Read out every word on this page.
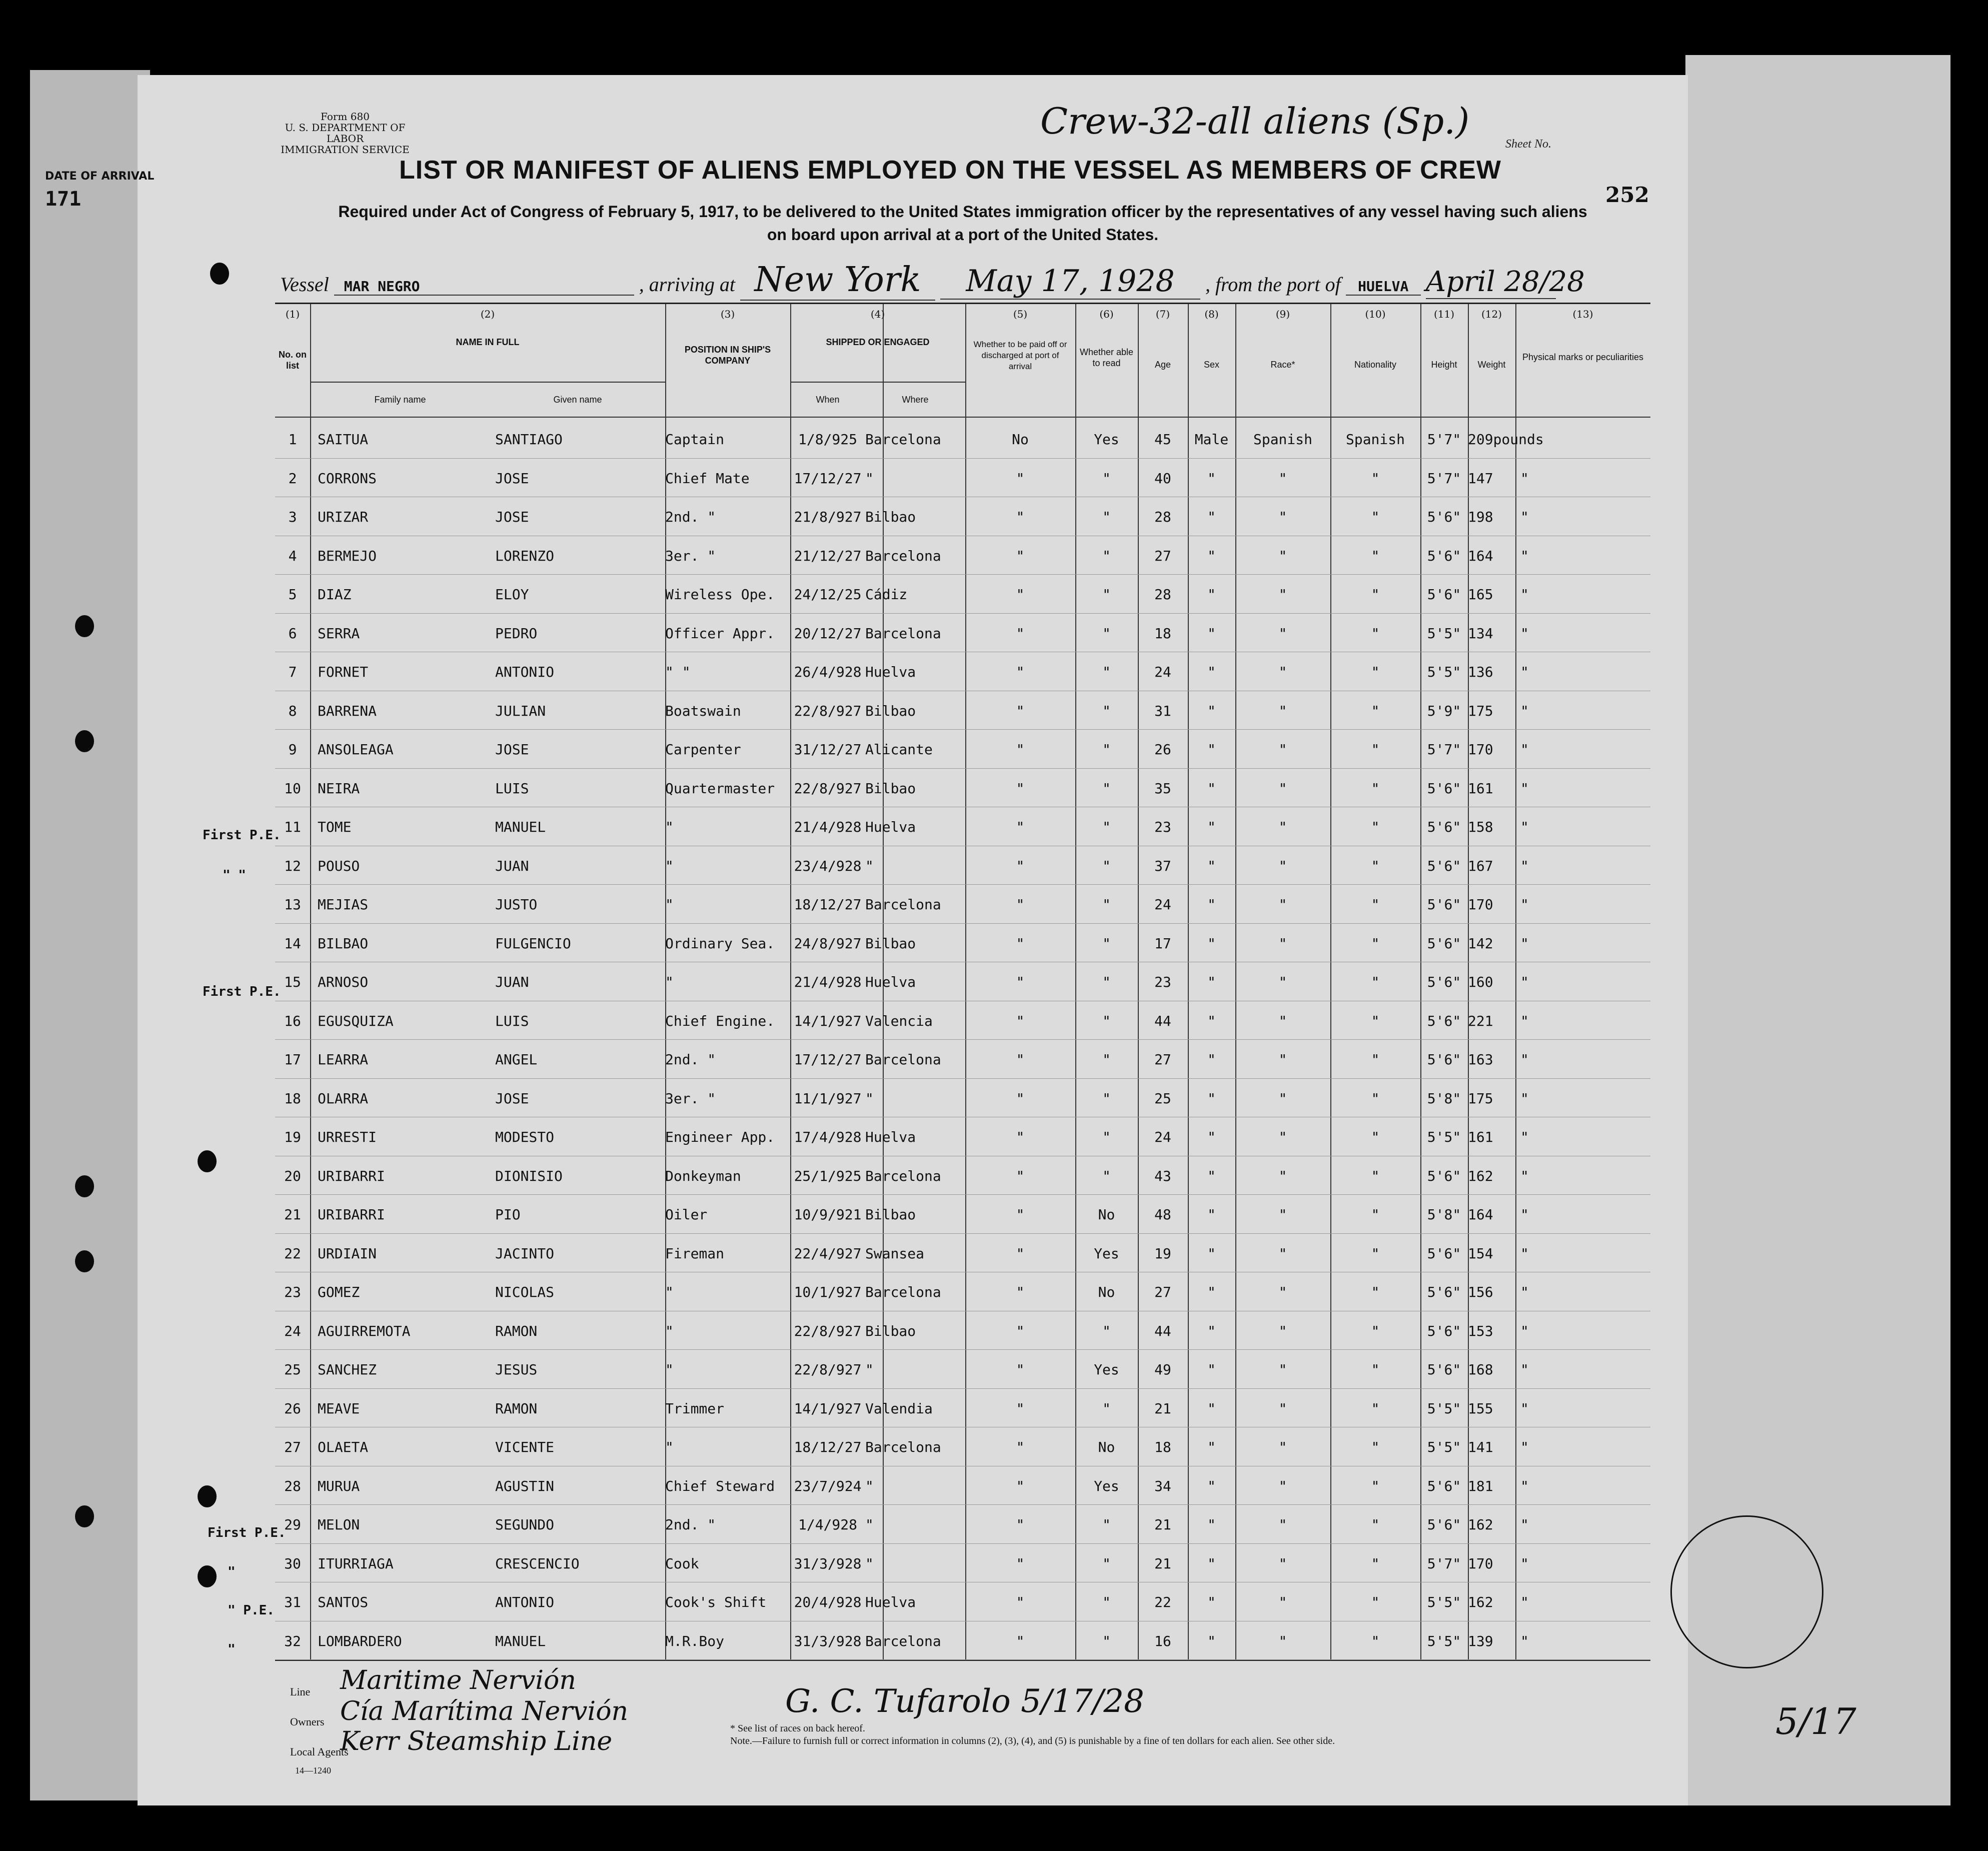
DATE OF ARRIVAL
171
Form 680
U. S. DEPARTMENT OF LABOR
IMMIGRATION SERVICE
Crew-32-all aliens (Sp.)
Sheet No.
LIST OR MANIFEST OF ALIENS EMPLOYED ON THE VESSEL AS MEMBERS OF CREW
252
Required under Act of Congress of February 5, 1917, to be delivered to the United States immigration officer by the representatives of any vessel having such aliens
on board upon arrival at a port of the United States.
Vessel MAR NEGRO	, arriving at New York May 17, 1928 , from the port of HUELVA April 28/28
(1)	(2)	(3)	(4)	(5)	(6)	(7)	(8)	(9)	(10)	(11)	(12)	(13)
No. on list
NAME IN FULL
Family name	Given name
POSITION IN SHIP'S COMPANY
SHIPPED OR ENGAGED
When	Where
Whether to be paid off or discharged at port of arrival
Whether able to read	Age	Sex	Race*	Nationality	Height	Weight
Physical marks or peculiarities
1	SAITUA	SANTIAGO	Captain	1/8/925 Barcelona	No	Yes	45	Male	Spanish	Spanish	5'7" 209pounds
2	CORRONS	JOSE	Chief Mate	17/12/27 "	"	"	40	"	"	"	5'7" 147	"
3	URIZAR	JOSE	2nd. "	21/8/927 Bilbao	"	"	28	"	"	"	5'6" 198	"
4	BERMEJO	LORENZO	3er. "	21/12/27 Barcelona	"	"	27	"	"	"	5'6" 164	"
5	DIAZ	ELOY	Wireless Ope.	24/12/25 Cádiz	"	"	28	"	"	"	5'6" 165	"
6	SERRA	PEDRO	Officer Appr.	20/12/27 Barcelona	"	"	18	"	"	"	5'5" 134	"
7	FORNET	ANTONIO	" "	26/4/928 Huelva	"	"	24	"	"	"	5'5" 136	"
8	BARRENA	JULIAN	Boatswain	22/8/927 Bilbao	"	"	31	"	"	"	5'9" 175	"
9	ANSOLEAGA	JOSE	Carpenter	31/12/27 Alicante	"	"	26	"	"	"	5'7" 170	"
10	NEIRA	LUIS	Quartermaster	22/8/927 Bilbao	"	"	35	"	"	"	5'6" 161	"
11	TOME	MANUEL	"	21/4/928 Huelva	"	"	23	"	"	"	5'6" 158	"
12	POUSO	JUAN	"	23/4/928 "	"	"	37	"	"	"	5'6" 167	"
13	MEJIAS	JUSTO	"	18/12/27 Barcelona	"	"	24	"	"	"	5'6" 170	"
14	BILBAO	FULGENCIO	Ordinary Sea.	24/8/927 Bilbao	"	"	17	"	"	"	5'6" 142	"
15	ARNOSO	JUAN	"	21/4/928 Huelva	"	"	23	"	"	"	5'6" 160	"
16	EGUSQUIZA	LUIS	Chief Engine.	14/1/927 Valencia	"	"	44	"	"	"	5'6" 221	"
17	LEARRA	ANGEL	2nd. "	17/12/27 Barcelona	"	"	27	"	"	"	5'6" 163	"
18	OLARRA	JOSE	3er. "	11/1/927 "	"	"	25	"	"	"	5'8" 175	"
19	URRESTI	MODESTO	Engineer App.	17/4/928 Huelva	"	"	24	"	"	"	5'5" 161	"
20	URIBARRI	DIONISIO	Donkeyman	25/1/925 Barcelona	"	"	43	"	"	"	5'6" 162	"
21	URIBARRI	PIO	Oiler	10/9/921 Bilbao	"	No	48	"	"	"	5'8" 164	"
22	URDIAIN	JACINTO	Fireman	22/4/927 Swansea	"	Yes	19	"	"	"	5'6" 154	"
23	GOMEZ	NICOLAS	"	10/1/927 Barcelona	"	No	27	"	"	"	5'6" 156	"
24	AGUIRREMOTA	RAMON	"	22/8/927 Bilbao	"	"	44	"	"	"	5'6" 153	"
25	SANCHEZ	JESUS	"	22/8/927 "	"	Yes	49	"	"	"	5'6" 168	"
26	MEAVE	RAMON	Trimmer	14/1/927 Valendia	"	"	21	"	"	"	5'5" 155	"
27	OLAETA	VICENTE	"	18/12/27 Barcelona	"	No	18	"	"	"	5'5" 141	"
28	MURUA	AGUSTIN	Chief Steward	23/7/924 "	"	Yes	34	"	"	"	5'6" 181	"
29	MELON	SEGUNDO	2nd. "	1/4/928 "	"	"	21	"	"	"	5'6" 162	"
30	ITURRIAGA	CRESCENCIO	Cook	31/3/928 "	"	"	21	"	"	"	5'7" 170	"
31	SANTOS	ANTONIO	Cook's Shift	20/4/928 Huelva	"	"	22	"	"	"	5'5" 162	"
32	LOMBARDERO	MANUEL	M.R.Boy	31/3/928 Barcelona	"	"	16	"	"	"	5'5" 139	"
First P.E.
" "
First P.E.
First P.E.
"
" P.E.
"
Line Maritime Nervión
Owners Cía Marítima Nervión
Local Agents
Kerr Steamship Line
14—1240
G. C. Tufarolo 5/17/28
* See list of races on back hereof.
Note.—Failure to furnish full or correct information in columns (2), (3), (4), and (5) is punishable by a fine of ten dollars for each alien. See other side.	5/17
